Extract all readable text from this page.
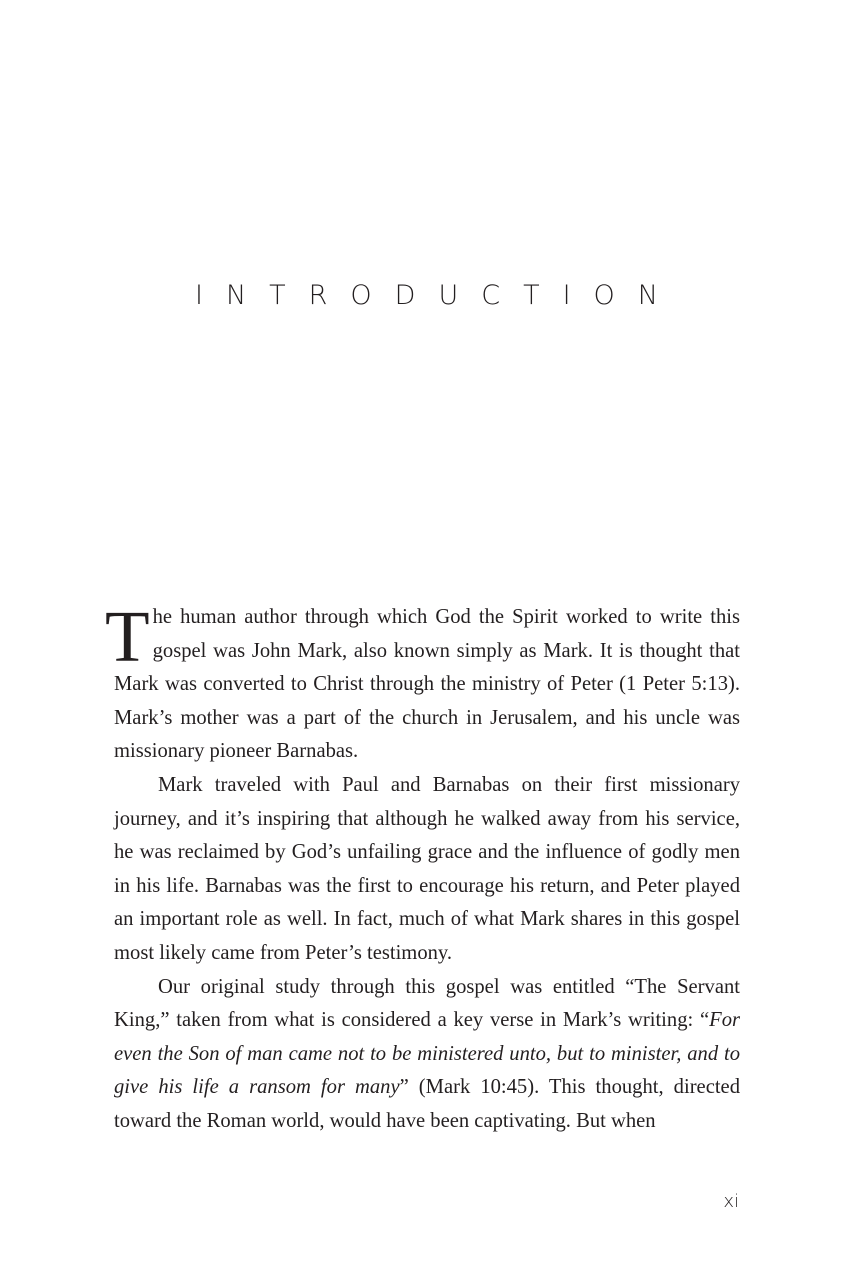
INTRODUCTION

The human author through which God the Spirit worked to write this gospel was John Mark, also known simply as Mark. It is thought that Mark was converted to Christ through the ministry of Peter (1 Peter 5:13). Mark’s mother was a part of the church in Jerusalem, and his uncle was missionary pioneer Barnabas.

Mark traveled with Paul and Barnabas on their first missionary journey, and it’s inspiring that although he walked away from his service, he was reclaimed by God’s unfailing grace and the influence of godly men in his life. Barnabas was the first to encourage his return, and Peter played an important role as well. In fact, much of what Mark shares in this gospel most likely came from Peter’s testimony.

Our original study through this gospel was entitled “The Servant King,” taken from what is considered a key verse in Mark’s writing: “For even the Son of man came not to be ministered unto, but to minister, and to give his life a ransom for many” (Mark 10:45). This thought, directed toward the Roman world, would have been captivating. But when

xi
